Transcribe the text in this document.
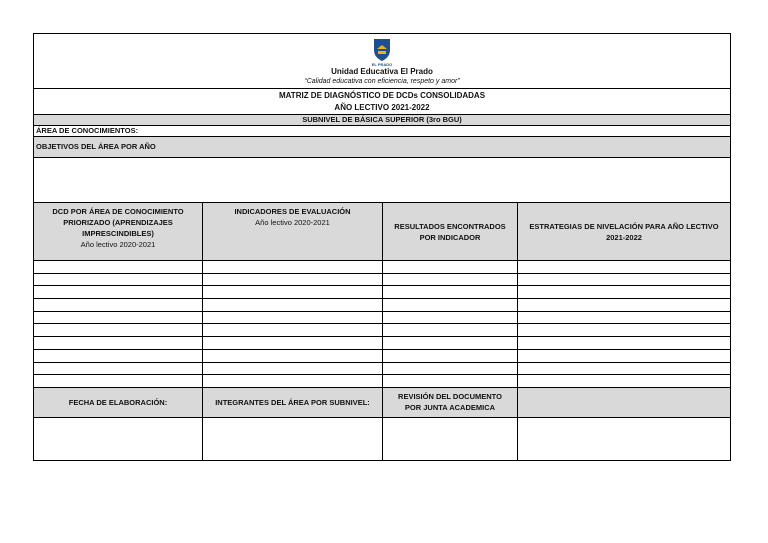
EL PRADO
Unidad Educativa El Prado
“Calidad educativa con eficiencia, respeto y amor”
MATRIZ DE DIAGNÓSTICO DE DCDs CONSOLIDADAS
AÑO LECTIVO 2021-2022
SUBNIVEL DE BÁSICA SUPERIOR (3ro BGU)
ÁREA DE CONOCIMIENTOS:
OBJETIVOS DEL ÁREA POR AÑO
DCD POR ÁREA DE CONOCIMIENTO
PRIORIZADO (APRENDIZAJES
IMPRESCINDIBLES)
Año lectivo 2020-2021
INDICADORES DE EVALUACIÓN
Año lectivo 2020-2021	RESULTADOS ENCONTRADOS
POR INDICADOR
ESTRATEGIAS DE NIVELACIÓN PARA AÑO LECTIVO
2021-2022
FECHA DE ELABORACIÓN:	INTEGRANTES DEL ÁREA POR SUBNIVEL:
REVISIÓN DEL DOCUMENTO
POR JUNTA ACADEMICA
